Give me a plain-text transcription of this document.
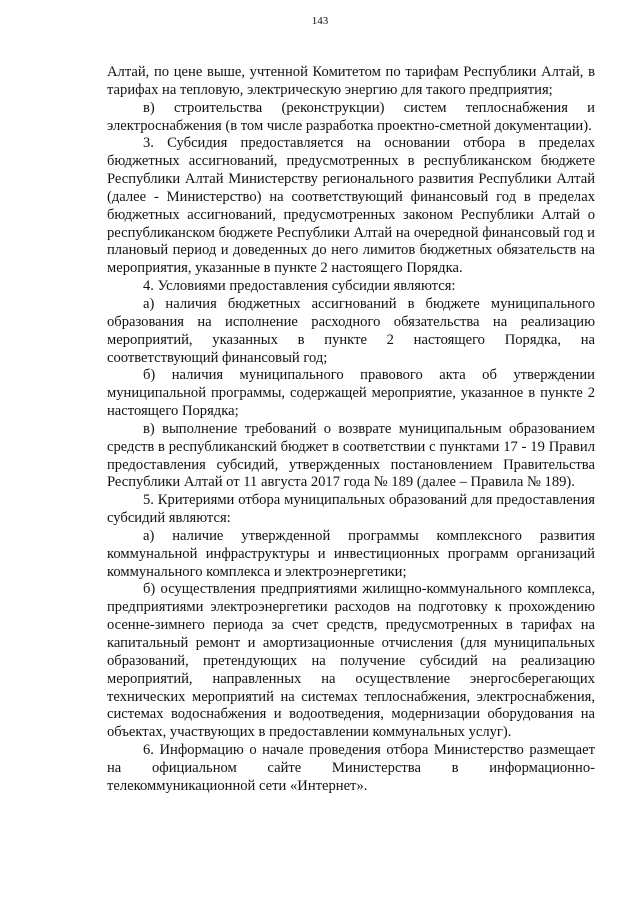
143

Алтай, по цене выше, учтенной Комитетом по тарифам Республики Алтай, в тарифах на тепловую, электрическую энергию для такого предприятия;

в) строительства (реконструкции) систем теплоснабжения и электроснабжения (в том числе разработка проектно-сметной документации).

3. Субсидия предоставляется на основании отбора в пределах бюджетных ассигнований, предусмотренных в республиканском бюджете Республики Алтай Министерству регионального развития Республики Алтай (далее - Министерство) на соответствующий финансовый год в пределах бюджетных ассигнований, предусмотренных законом Республики Алтай о республиканском бюджете Республики Алтай на очередной финансовый год и плановый период и доведенных до него лимитов бюджетных обязательств на мероприятия, указанные в пункте 2 настоящего Порядка.

4. Условиями предоставления субсидии являются:

а) наличия бюджетных ассигнований в бюджете муниципального образования на исполнение расходного обязательства на реализацию мероприятий, указанных в пункте 2 настоящего Порядка, на соответствующий финансовый год;

б) наличия муниципального правового акта об утверждении муниципальной программы, содержащей мероприятие, указанное в пункте 2 настоящего Порядка;

в) выполнение требований о возврате муниципальным образованием средств в республиканский бюджет в соответствии с пунктами 17 - 19 Правил предоставления субсидий, утвержденных постановлением Правительства Республики Алтай от 11 августа 2017 года № 189 (далее – Правила № 189).

5. Критериями отбора муниципальных образований для предоставления субсидий являются:

а) наличие утвержденной программы комплексного развития коммунальной инфраструктуры и инвестиционных программ организаций коммунального комплекса и электроэнергетики;

б) осуществления предприятиями жилищно-коммунального комплекса, предприятиями электроэнергетики расходов на подготовку к прохождению осенне-зимнего периода за счет средств, предусмотренных в тарифах на капитальный ремонт и амортизационные отчисления (для муниципальных образований, претендующих на получение субсидий на реализацию мероприятий, направленных на осуществление энергосберегающих технических мероприятий на системах теплоснабжения, электроснабжения, системах водоснабжения и водоотведения, модернизации оборудования на объектах, участвующих в предоставлении коммунальных услуг).

6. Информацию о начале проведения отбора Министерство размещает на официальном сайте Министерства в информационно-телекоммуникационной сети «Интернет».
